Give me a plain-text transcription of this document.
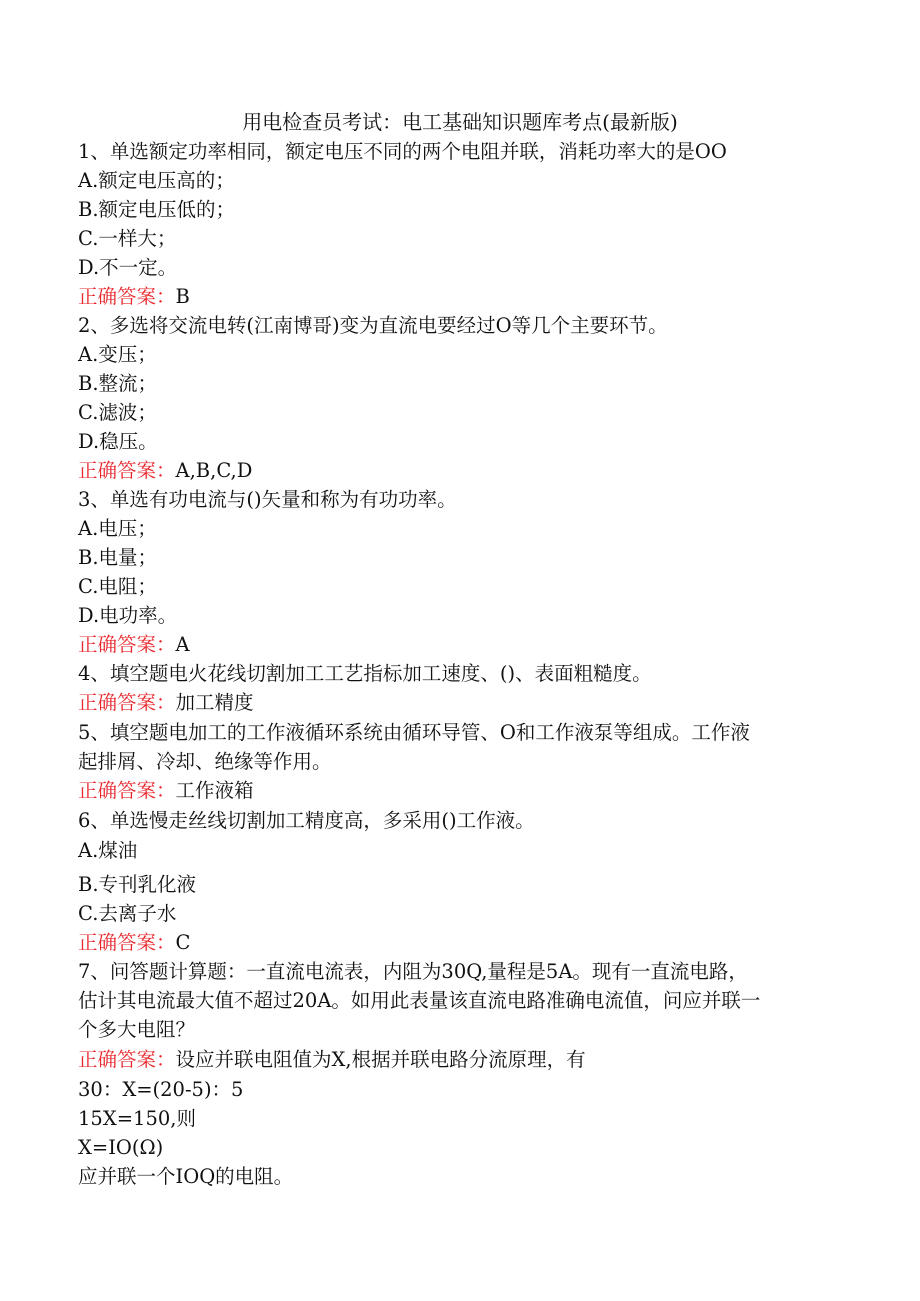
用电检查员考试：电工基础知识题库考点(最新版)
1、单选额定功率相同，额定电压不同的两个电阻并联，消耗功率大的是OO
A.额定电压高的；
B.额定电压低的；
C.一样大；
D.不一定。
正确答案：B
2、多选将交流电转(江南博哥)变为直流电要经过O等几个主要环节。
A.变压；
B.整流；
C.滤波；
D.稳压。
正确答案：A,B,C,D
3、单选有功电流与()矢量和称为有功功率。
A.电压；
B.电量；
C.电阻；
D.电功率。
正确答案：A
4、填空题电火花线切割加工工艺指标加工速度、()、表面粗糙度。
正确答案：加工精度
5、填空题电加工的工作液循环系统由循环导管、O和工作液泵等组成。工作液
起排屑、冷却、绝缘等作用。
正确答案：工作液箱
6、单选慢走丝线切割加工精度高，多采用()工作液。
A.煤油
B.专刊乳化液
C.去离子水
正确答案：C
7、问答题计算题：一直流电流表，内阻为30Q,量程是5A。现有一直流电路，
估计其电流最大值不超过20A。如用此表量该直流电路准确电流值，问应并联一
个多大电阻？
正确答案：设应并联电阻值为X,根据并联电路分流原理，有
30：X=(20-5)：5
15X=150,则
X=IO(Ω)
应并联一个IOQ的电阻。
